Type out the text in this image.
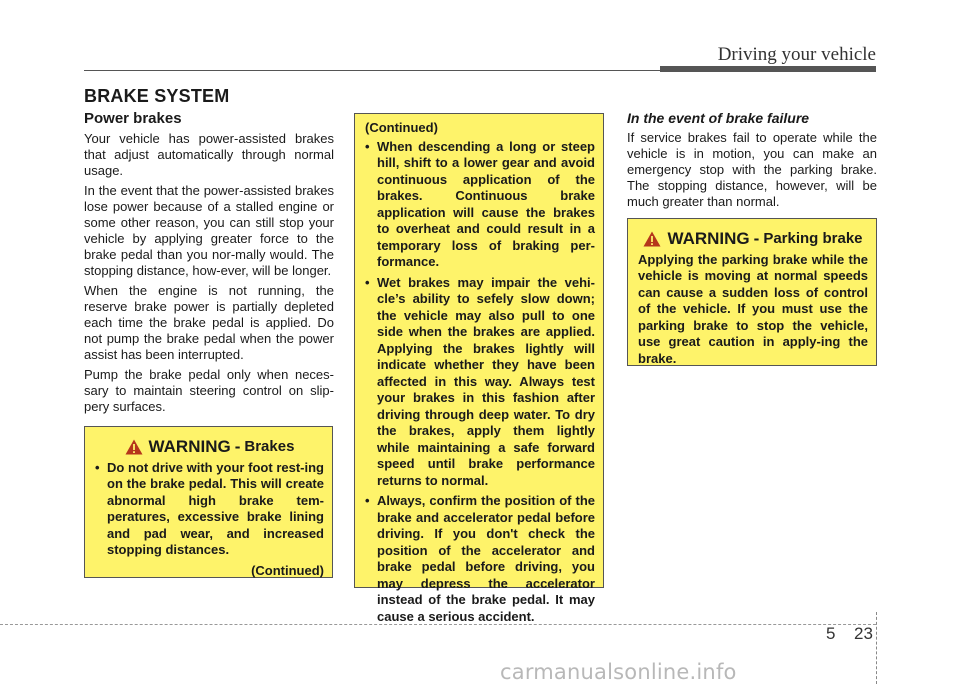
Driving your vehicle
BRAKE SYSTEM
Power brakes

Your vehicle has power-assisted brakes that adjust automatically through normal usage.

In the event that the power-assisted brakes lose power because of a stalled engine or some other reason, you can still stop your vehicle by applying greater force to the brake pedal than you nor-mally would. The stopping distance, how-ever, will be longer.

When the engine is not running, the reserve brake power is partially depleted each time the brake pedal is applied. Do not pump the brake pedal when the power assist has been interrupted.

Pump the brake pedal only when neces-sary to maintain steering control on slip-pery surfaces.

WARNING - Brakes
• Do not drive with your foot rest-ing on the brake pedal. This will create abnormal high brake tem-peratures, excessive brake lining and pad wear, and increased stopping distances.
(Continued)
(Continued)
• When descending a long or steep hill, shift to a lower gear and avoid continuous application of the brakes. Continuous brake application will cause the brakes to overheat and could result in a temporary loss of braking per-formance.
• Wet brakes may impair the vehi-cle’s ability to sefely slow down; the vehicle may also pull to one side when the brakes are applied. Applying the brakes lightly will indicate whether they have been affected in this way. Always test your brakes in this fashion after driving through deep water. To dry the brakes, apply them lightly while maintaining a safe forward speed until brake performance returns to normal.
• Always, confirm the position of the brake and accelerator pedal before driving. If you don't check the position of the accelerator and brake pedal before driving, you may depress the accelerator instead of the brake pedal. It may cause a serious accident.
In the event of brake failure

If service brakes fail to operate while the vehicle is in motion, you can make an emergency stop with the parking brake. The stopping distance, however, will be much greater than normal.

WARNING - Parking brake
Applying the parking brake while the vehicle is moving at normal speeds can cause a sudden loss of control of the vehicle. If you must use the parking brake to stop the vehicle, use great caution in apply-ing the brake.
5 23
carmanualsonline.info
